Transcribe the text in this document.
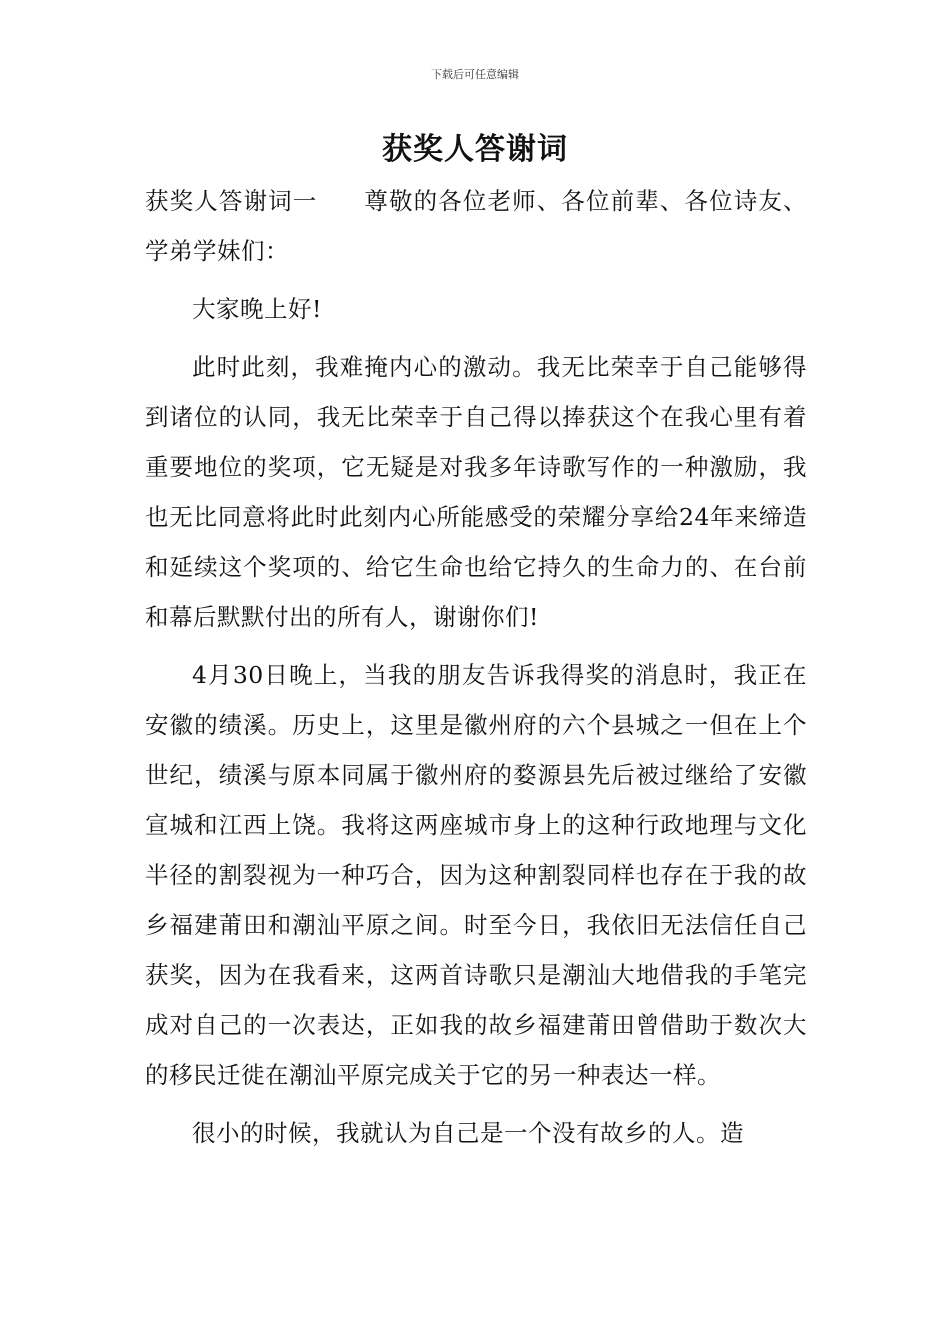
下载后可任意编辑
获奖人答谢词

获奖人答谢词一 尊敬的各位老师、各位前辈、各位诗友、学弟学妹们：

大家晚上好!

此时此刻，我难掩内心的激动。我无比荣幸于自己能够得到诸位的认同，我无比荣幸于自己得以捧获这个在我心里有着重要地位的奖项，它无疑是对我多年诗歌写作的一种激励，我也无比同意将此时此刻内心所能感受的荣耀分享给24年来缔造和延续这个奖项的、给它生命也给它持久的生命力的、在台前和幕后默默付出的所有人，谢谢你们!

4月30日晚上，当我的朋友告诉我得奖的消息时，我正在安徽的绩溪。历史上，这里是徽州府的六个县城之一但在上个世纪，绩溪与原本同属于徽州府的婺源县先后被过继给了安徽宣城和江西上饶。我将这两座城市身上的这种行政地理与文化半径的割裂视为一种巧合，因为这种割裂同样也存在于我的故乡福建莆田和潮汕平原之间。时至今日，我依旧无法信任自己获奖，因为在我看来，这两首诗歌只是潮汕大地借我的手笔完成对自己的一次表达，正如我的故乡福建莆田曾借助于数次大的移民迁徙在潮汕平原完成关于它的另一种表达一样。

很小的时候，我就认为自己是一个没有故乡的人。造
